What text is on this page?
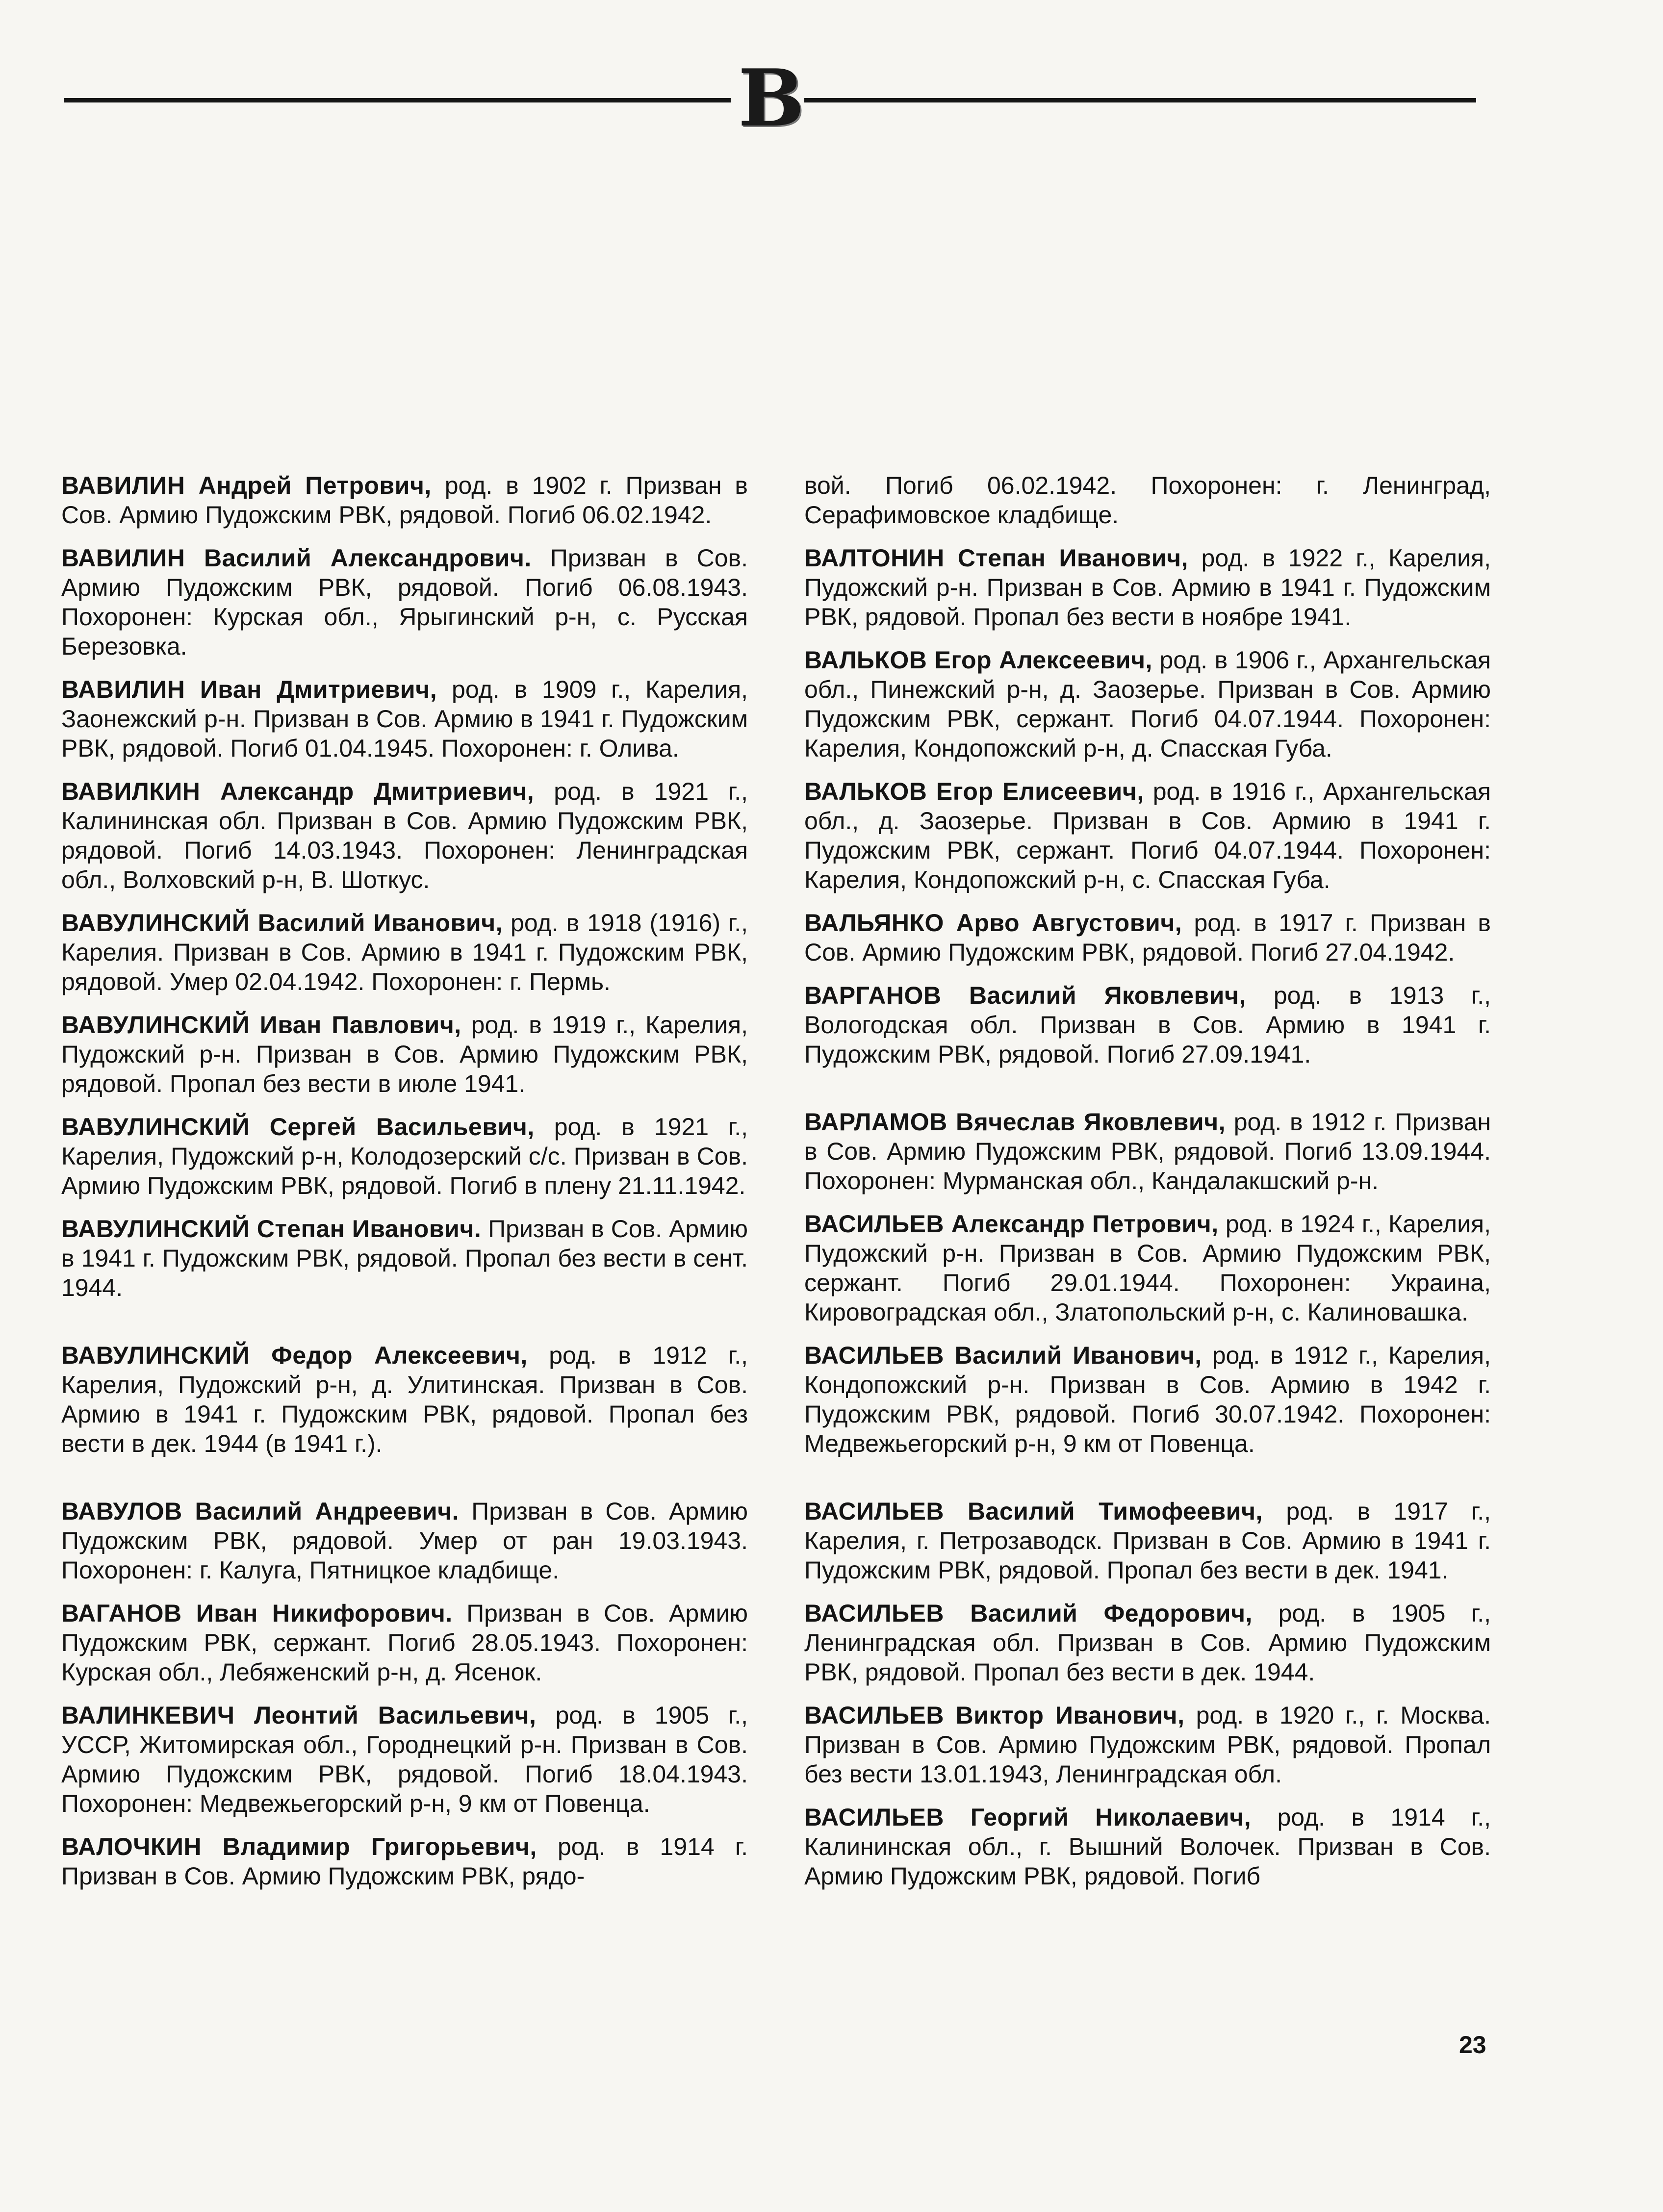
В

ВАВИЛИН Андрей Петрович, род. в 1902 г. Призван в Сов. Армию Пудожским РВК, рядовой. Погиб 06.02.1942.

ВАВИЛИН Василий Александрович. Призван в Сов. Армию Пудожским РВК, рядовой. Погиб 06.08.1943. Похоронен: Курская обл., Ярыгинский р-н, с. Русская Березовка.

ВАВИЛИН Иван Дмитриевич, род. в 1909 г., Карелия, Заонежский р-н. Призван в Сов. Армию в 1941 г. Пудожским РВК, рядовой. Погиб 01.04.1945. Похоронен: г. Олива.

ВАВИЛКИН Александр Дмитриевич, род. в 1921 г., Калининская обл. Призван в Сов. Армию Пудожским РВК, рядовой. Погиб 14.03.1943. Похоронен: Ленинградская обл., Волховский р-н, В. Шоткус.

ВАВУЛИНСКИЙ Василий Иванович, род. в 1918 (1916) г., Карелия. Призван в Сов. Армию в 1941 г. Пудожским РВК, рядовой. Умер 02.04.1942. Похоронен: г. Пермь.

ВАВУЛИНСКИЙ Иван Павлович, род. в 1919 г., Карелия, Пудожский р-н. Призван в Сов. Армию Пудожским РВК, рядовой. Пропал без вести в июле 1941.

ВАВУЛИНСКИЙ Сергей Васильевич, род. в 1921 г., Карелия, Пудожский р-н, Колодозерский с/с. Призван в Сов. Армию Пудожским РВК, рядовой. Погиб в плену 21.11.1942.

ВАВУЛИНСКИЙ Степан Иванович. Призван в Сов. Армию в 1941 г. Пудожским РВК, рядовой. Пропал без вести в сент. 1944.

ВАВУЛИНСКИЙ Федор Алексеевич, род. в 1912 г., Карелия, Пудожский р-н, д. Улитинская. Призван в Сов. Армию в 1941 г. Пудожским РВК, рядовой. Пропал без вести в дек. 1944 (в 1941 г.).

ВАВУЛОВ Василий Андреевич. Призван в Сов. Армию Пудожским РВК, рядовой. Умер от ран 19.03.1943. Похоронен: г. Калуга, Пятницкое кладбище.

ВАГАНОВ Иван Никифорович. Призван в Сов. Армию Пудожским РВК, сержант. Погиб 28.05.1943. Похоронен: Курская обл., Лебяженский р-н, д. Ясенок.

ВАЛИНКЕВИЧ Леонтий Васильевич, род. в 1905 г., УССР, Житомирская обл., Городнецкий р-н. Призван в Сов. Армию Пудожским РВК, рядовой. Погиб 18.04.1943. Похоронен: Медвежьегорский р-н, 9 км от Повенца.

ВАЛОЧКИН Владимир Григорьевич, род. в 1914 г. Призван в Сов. Армию Пудожским РВК, рядо-

вой. Погиб 06.02.1942. Похоронен: г. Ленинград, Серафимовское кладбище.

ВАЛТОНИН Степан Иванович, род. в 1922 г., Карелия, Пудожский р-н. Призван в Сов. Армию в 1941 г. Пудожским РВК, рядовой. Пропал без вести в ноябре 1941.

ВАЛЬКОВ Егор Алексеевич, род. в 1906 г., Архангельская обл., Пинежский р-н, д. Заозерье. Призван в Сов. Армию Пудожским РВК, сержант. Погиб 04.07.1944. Похоронен: Карелия, Кондопожский р-н, д. Спасская Губа.

ВАЛЬКОВ Егор Елисеевич, род. в 1916 г., Архангельская обл., д. Заозерье. Призван в Сов. Армию в 1941 г. Пудожским РВК, сержант. Погиб 04.07.1944. Похоронен: Карелия, Кондопожский р-н, с. Спасская Губа.

ВАЛЬЯНКО Арво Августович, род. в 1917 г. Призван в Сов. Армию Пудожским РВК, рядовой. Погиб 27.04.1942.

ВАРГАНОВ Василий Яковлевич, род. в 1913 г., Вологодская обл. Призван в Сов. Армию в 1941 г. Пудожским РВК, рядовой. Погиб 27.09.1941.

ВАРЛАМОВ Вячеслав Яковлевич, род. в 1912 г. Призван в Сов. Армию Пудожским РВК, рядовой. Погиб 13.09.1944. Похоронен: Мурманская обл., Кандалакшский р-н.

ВАСИЛЬЕВ Александр Петрович, род. в 1924 г., Карелия, Пудожский р-н. Призван в Сов. Армию Пудожским РВК, сержант. Погиб 29.01.1944. Похоронен: Украина, Кировоградская обл., Златопольский р-н, с. Калиновашка.

ВАСИЛЬЕВ Василий Иванович, род. в 1912 г., Карелия, Кондопожский р-н. Призван в Сов. Армию в 1942 г. Пудожским РВК, рядовой. Погиб 30.07.1942. Похоронен: Медвежьегорский р-н, 9 км от Повенца.

ВАСИЛЬЕВ Василий Тимофеевич, род. в 1917 г., Карелия, г. Петрозаводск. Призван в Сов. Армию в 1941 г. Пудожским РВК, рядовой. Пропал без вести в дек. 1941.

ВАСИЛЬЕВ Василий Федорович, род. в 1905 г., Ленинградская обл. Призван в Сов. Армию Пудожским РВК, рядовой. Пропал без вести в дек. 1944.

ВАСИЛЬЕВ Виктор Иванович, род. в 1920 г., г. Москва. Призван в Сов. Армию Пудожским РВК, рядовой. Пропал без вести 13.01.1943, Ленинградская обл.

ВАСИЛЬЕВ Георгий Николаевич, род. в 1914 г., Калининская обл., г. Вышний Волочек. Призван в Сов. Армию Пудожским РВК, рядовой. Погиб

23
